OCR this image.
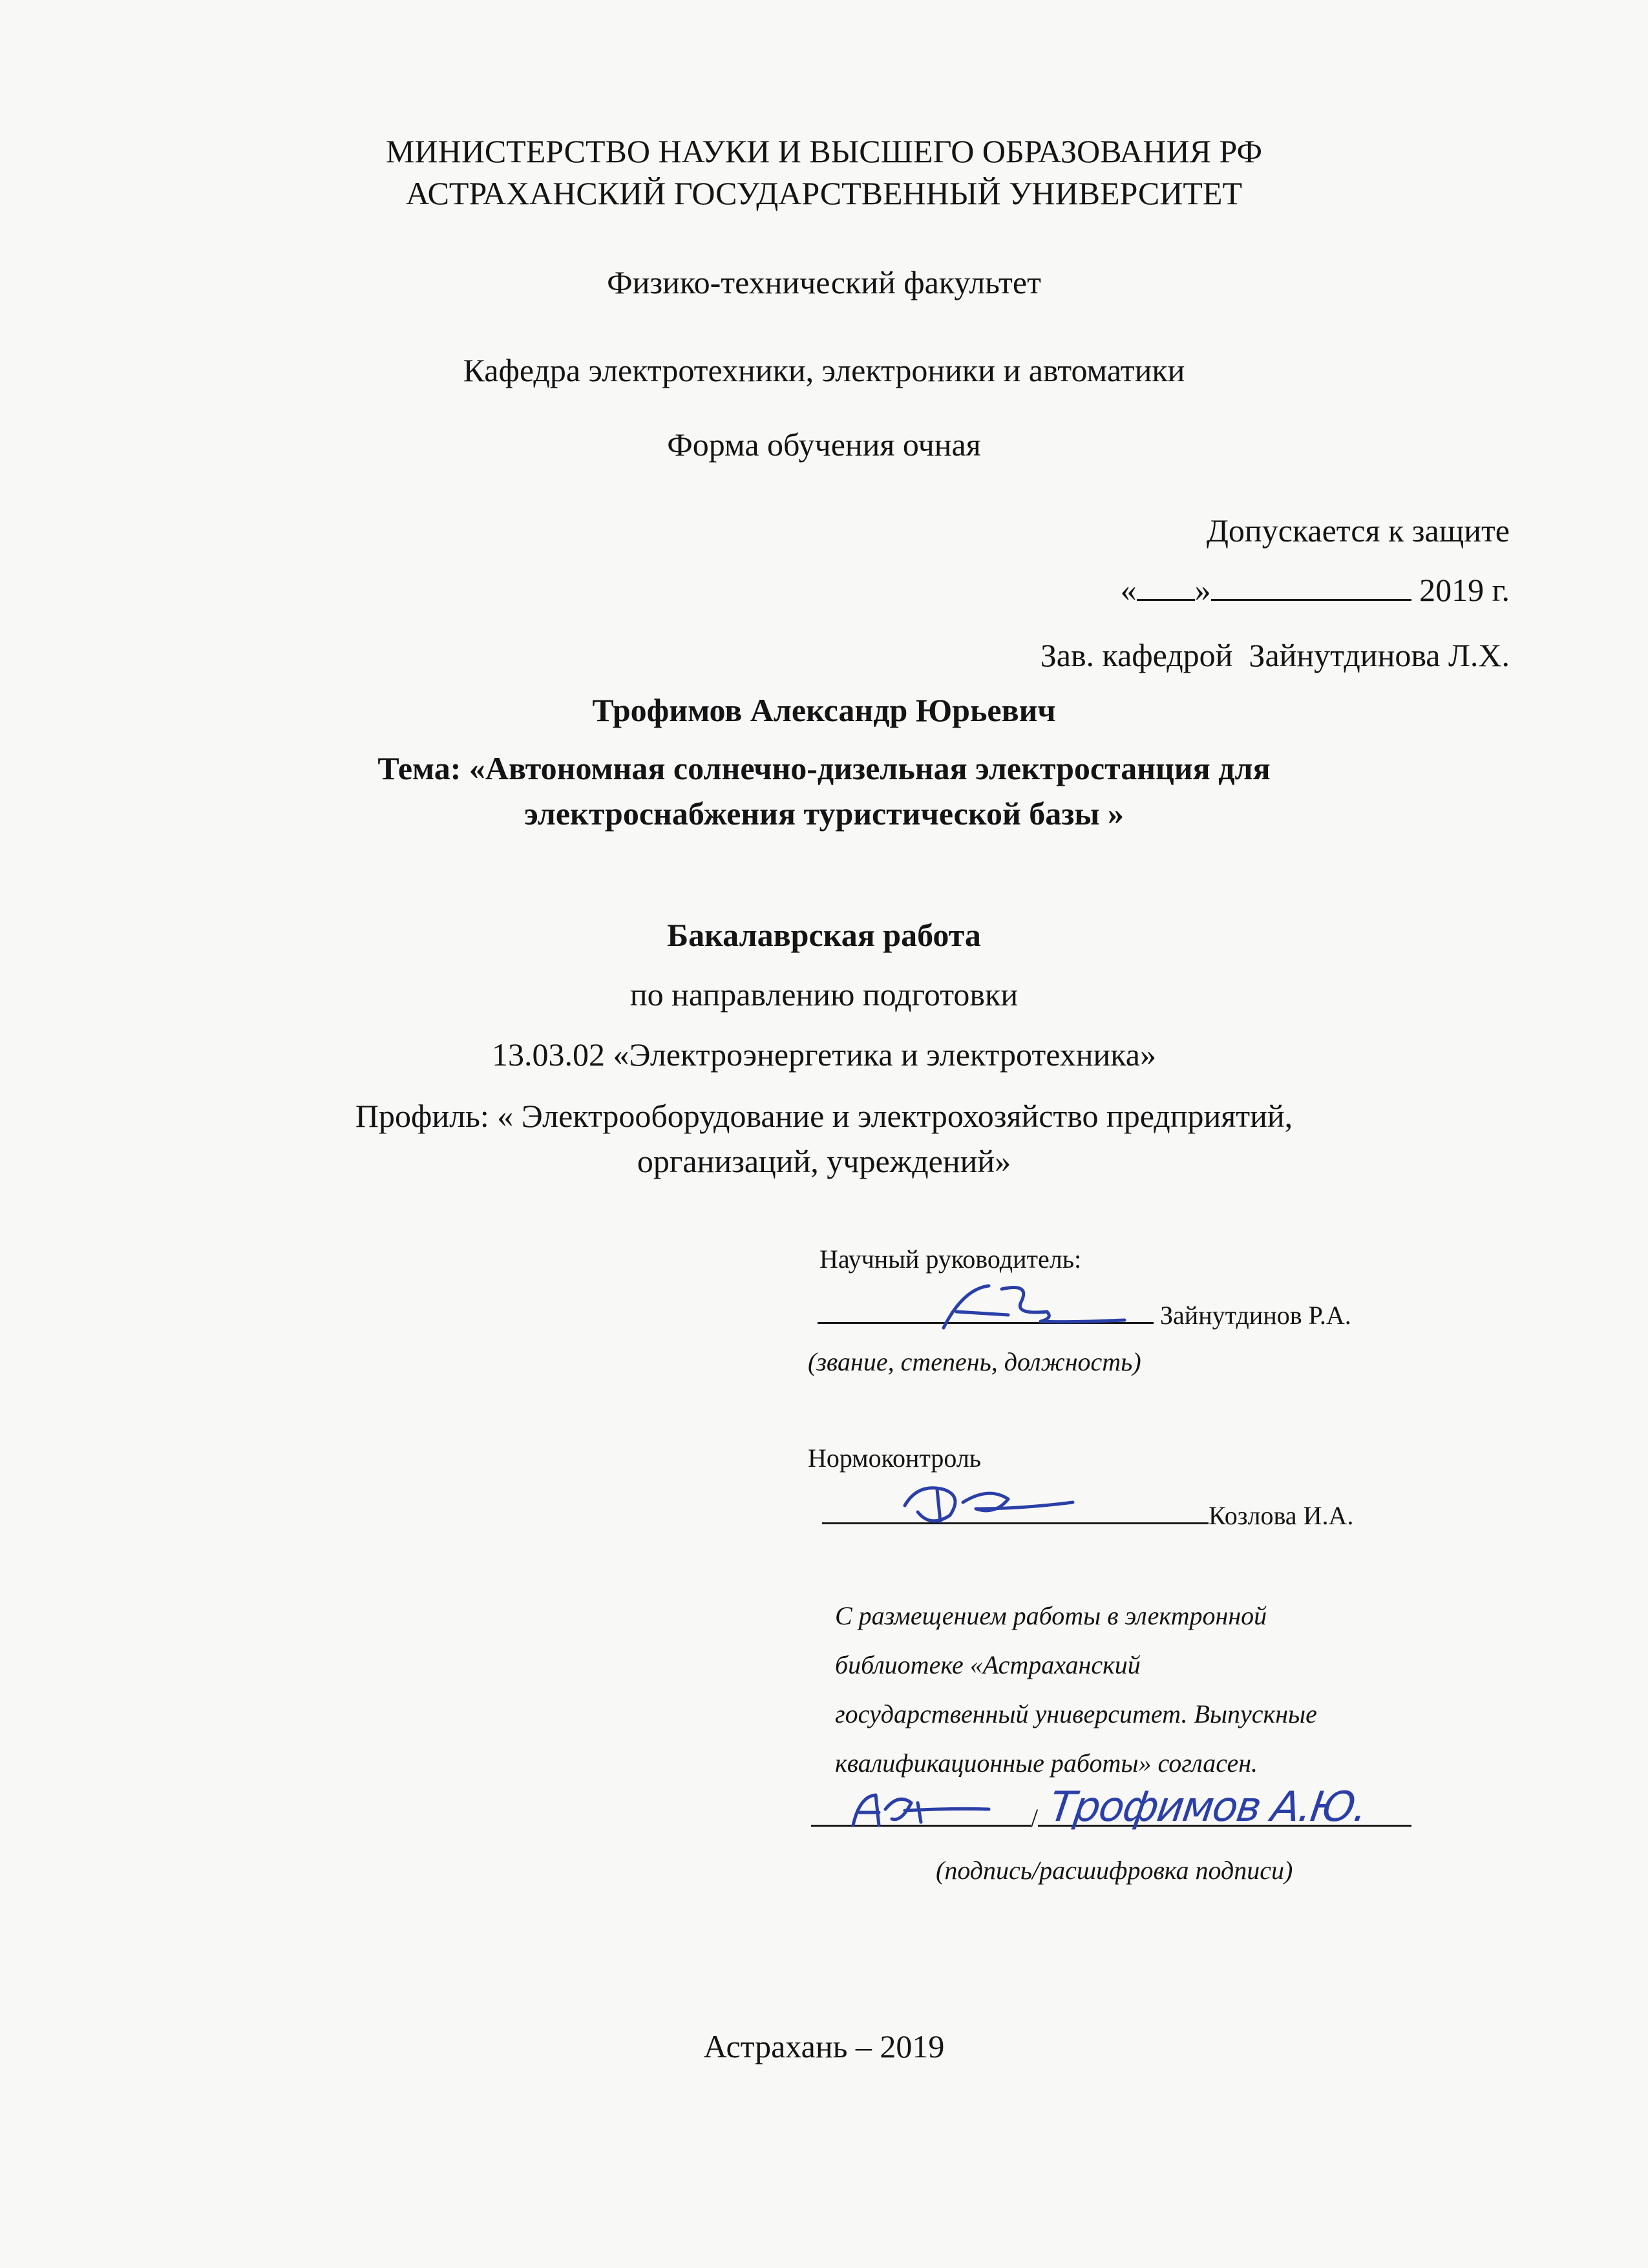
МИНИСТЕРСТВО НАУКИ И ВЫСШЕГО ОБРАЗОВАНИЯ РФ
АСТРАХАНСКИЙ ГОСУДАРСТВЕННЫЙ УНИВЕРСИТЕТ
Физико-технический факультет
Кафедра электротехники, электроники и автоматики
Форма обучения очная
Допускается к защите
« »	2019 г.
Зав. кафедрой Зайнутдинова Л.Х.
Трофимов Александр Юрьевич
Тема: «Автономная солнечно-дизельная электростанция для
электроснабжения туристической базы »
Бакалаврская работа
по направлению подготовки
13.03.02 «Электроэнергетика и электротехника»
Профиль: « Электрооборудование и электрохозяйство предприятий,
организаций, учреждений»
Научный руководитель:
Зайнутдинов Р.А.
(звание, степень, должность)
Нормоконтроль
Козлова И.А.
С размещением работы в электронной
библиотеке «Астраханский
государственный университет. Выпускные
квалификационные работы» согласен.
/ Трофимов А.Ю.
(подпись/расшифровка подписи)
Астрахань – 2019
